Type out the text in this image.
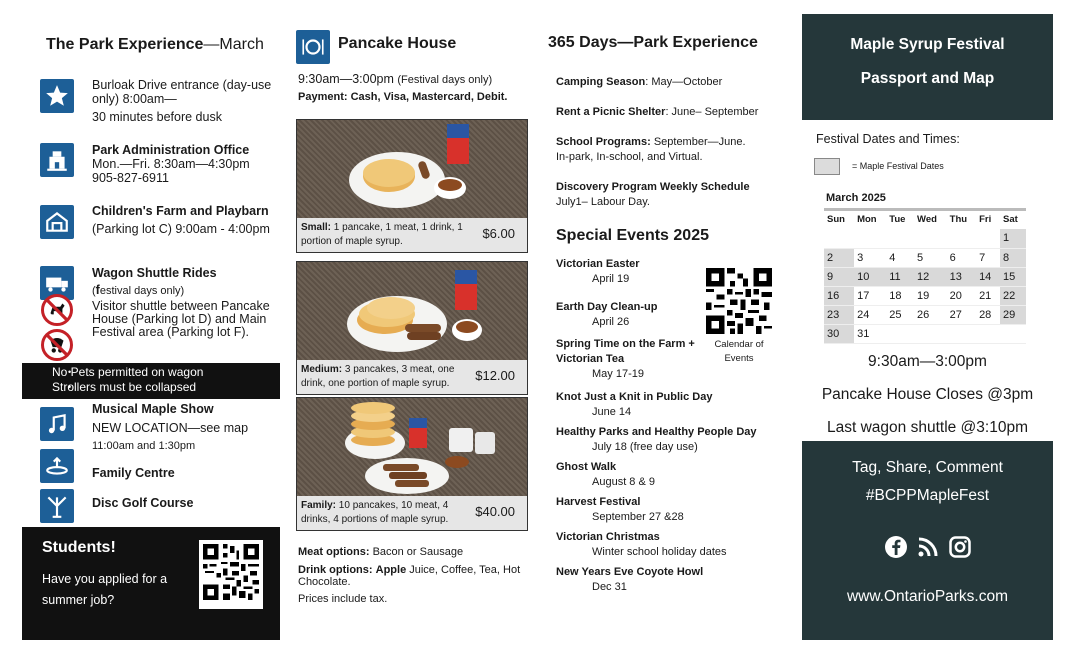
The Park Experience—March
Burloak Drive entrance (day-use only) 8:00am—
30 minutes before dusk
Park Administration Office
Mon.—Fri. 8:30am—4:30pm
905-827-6911
Children's Farm and Playbarn
(Parking lot C) 9:00am - 4:00pm
Wagon Shuttle Rides
(festival days only)
Visitor shuttle between Pancake House (Parking lot D) and Main Festival area (Parking lot F).
• No Pets permitted on wagon
• Strollers must be collapsed
Musical Maple Show
NEW LOCATION—see map
11:00am and 1:30pm
Family Centre
Disc Golf Course
Students!
Have you applied for a summer job?
Pancake House
9:30am—3:00pm (Festival days only)
Payment: Cash, Visa, Mastercard, Debit.
Small: 1 pancake, 1 meat, 1 drink, 1 portion of maple syrup.
$6.00
Medium: 3 pancakes, 3 meat, one drink, one portion of maple syrup.
$12.00
Family: 10 pancakes, 10 meat, 4 drinks, 4 portions of maple syrup.
$40.00
Meat options: Bacon or Sausage
Drink options: Apple Juice, Coffee, Tea, Hot Chocolate.
Prices include tax.
365 Days—Park Experience
Camping Season: May—October
Rent a Picnic Shelter: June– September
School Programs: September—June.
In-park, In-school, and Virtual.
Discovery Program Weekly Schedule
July1– Labour Day.
Special Events 2025
Victorian Easter
April 19
Earth Day Clean-up
April 26
Spring Time on the Farm + Victorian Tea
May 17-19
Knot Just a Knit in Public Day
June 14
Healthy Parks and Healthy People Day
July 18 (free day use)
Ghost Walk
August 8 & 9
Harvest Festival
September 27 &28
Victorian Christmas
Winter school holiday dates
New Years Eve Coyote Howl
Dec 31
Calendar of Events
Maple Syrup Festival
Passport and Map
Festival Dates and Times:
= Maple Festival Dates
March 2025
Sun	Mon	Tue	Wed	Thu	Fri	Sat
						1
2	3	4	5	6	7	8
9	10	11	12	13	14	15
16	17	18	19	20	21	22
23	24	25	26	27	28	29
30	31					
9:30am—3:00pm
Pancake House Closes @3pm
Last wagon shuttle @3:10pm
Tag, Share, Comment
#BCPPMapleFest
www.OntarioParks.com
